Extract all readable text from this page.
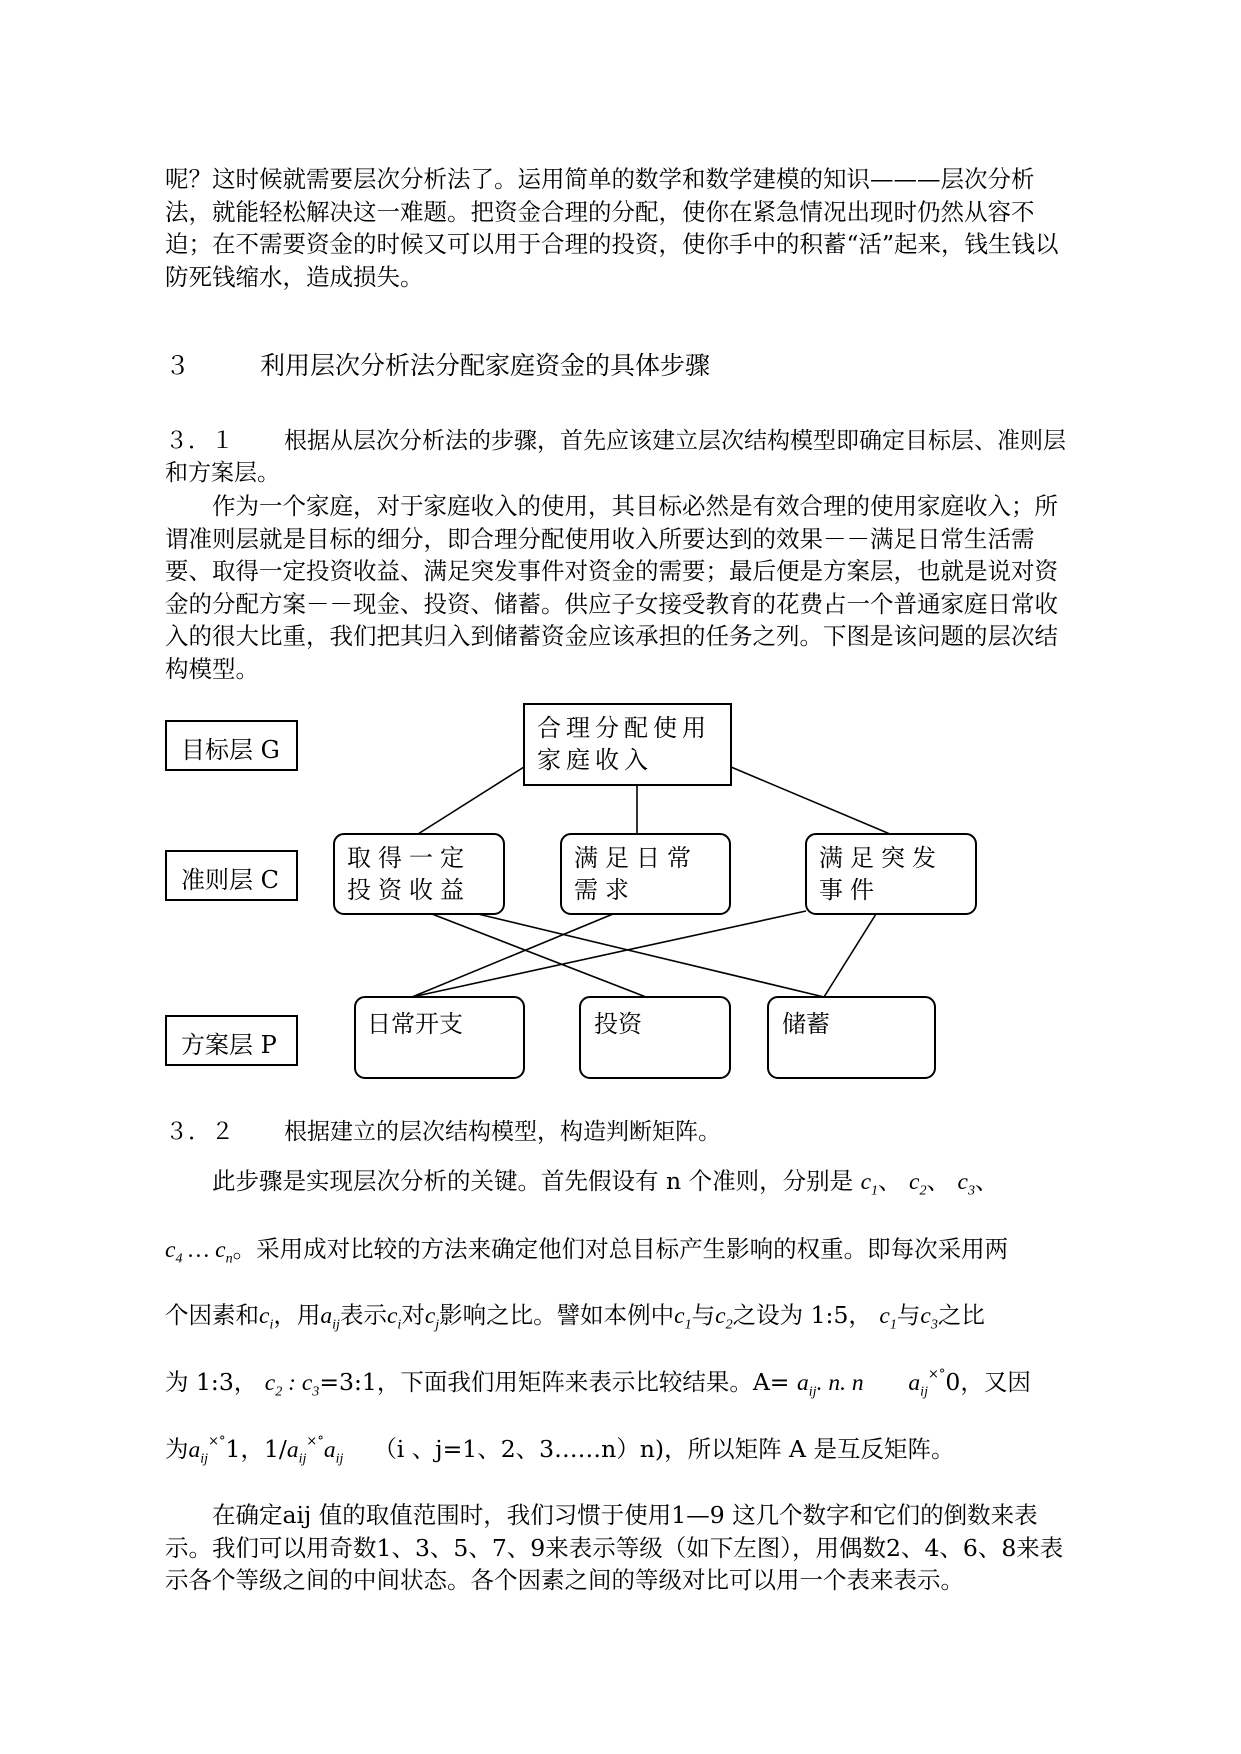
呢？这时候就需要层次分析法了。运用简单的数学和数学建模的知识———层次分析法，就能轻松解决这一难题。把资金合理的分配，使你在紧急情况出现时仍然从容不迫；在不需要资金的时候又可以用于合理的投资，使你手中的积蓄“活”起来，钱生钱以防死钱缩水，造成损失。

３	利用层次分析法分配家庭资金的具体步骤
３．１ 根据从层次分析法的步骤，首先应该建立层次结构模型即确定目标层、准则层和方案层。

作为一个家庭，对于家庭收入的使用，其目标必然是有效合理的使用家庭收入；所谓准则层就是目标的细分，即合理分配使用收入所要达到的效果－－满足日常生活需要、取得一定投资收益、满足突发事件对资金的需要；最后便是方案层，也就是说对资金的分配方案－－现金、投资、储蓄。供应子女接受教育的花费占一个普通家庭日常收入的很大比重，我们把其归入到储蓄资金应该承担的任务之列。下图是该问题的层次结构模型。

目标层 G
准则层 C
方案层 P
合理分配使用家庭收入
取得一定投资收益
满足日常需求
满足突发事件
日常开支	投资	储蓄
３．２ 根据建立的层次结构模型，构造判断矩阵。
此步骤是实现层次分析的关键。首先假设有 n 个准则，分别是 $c_1$、 $c_2$、 $c_3$、
$c_4$ … $c_n$。采用成对比较的方法来确定他们对总目标产生影响的权重。即每次采用两
个因素和$c_i$，用$a_{ij}$表示$c_i$对$c_j$影响之比。譬如本例中$c_1$与$c_2$之设为 1:5， $c_1$与$c_3$之比
为 1:3， $c_2$ : $c_3=3:1$，下面我们用矩阵来表示比较结果。$A= a_{ij}$. n. n $a_{ij}^{\times^\circ}0$，又因
为$a_{ij}^{\times^\circ}1$，$1/a_{ij}^{\times^\circ}a_{ij}$ （i 、j=1、2、3……n）n)，所以矩阵 A 是互反矩阵。

在确定aij 值的取值范围时，我们习惯于使用1—9 这几个数字和它们的倒数来表示。我们可以用奇数1、3、5、7、9来表示等级（如下左图），用偶数2、4、6、8来表示各个等级之间的中间状态。各个因素之间的等级对比可以用一个表来表示。
